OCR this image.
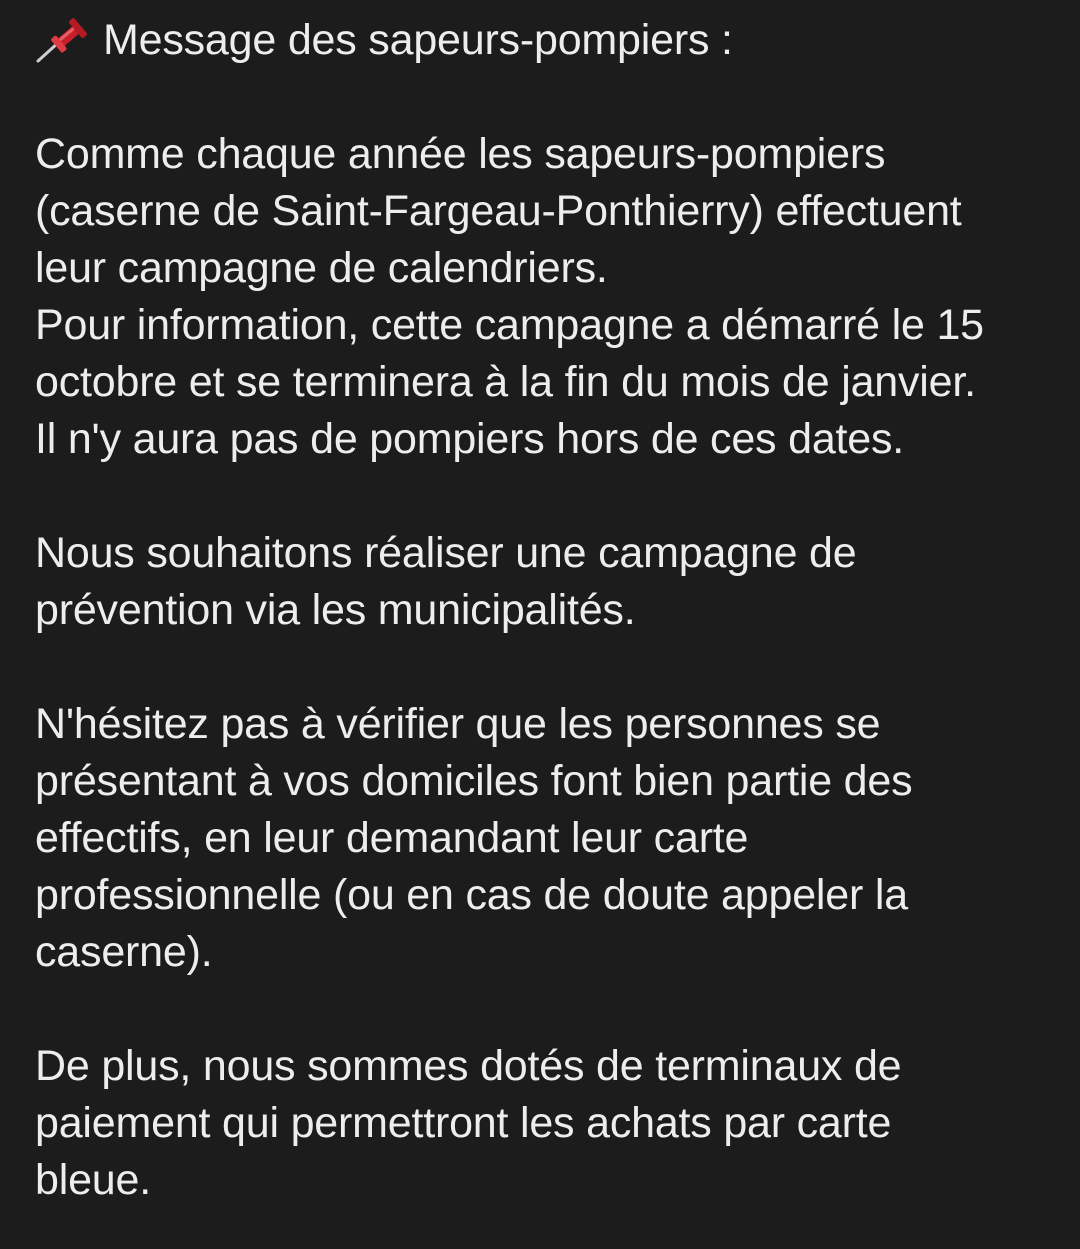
Message des sapeurs-pompiers :
Comme chaque année les sapeurs-pompiers
(caserne de Saint-Fargeau-Ponthierry) effectuent
leur campagne de calendriers.
Pour information, cette campagne a démarré le 15
octobre et se terminera à la fin du mois de janvier.
Il n'y aura pas de pompiers hors de ces dates.
Nous souhaitons réaliser une campagne de
prévention via les municipalités.
N'hésitez pas à vérifier que les personnes se
présentant à vos domiciles font bien partie des
effectifs, en leur demandant leur carte
professionnelle (ou en cas de doute appeler la
caserne).
De plus, nous sommes dotés de terminaux de
paiement qui permettront les achats par carte
bleue.
